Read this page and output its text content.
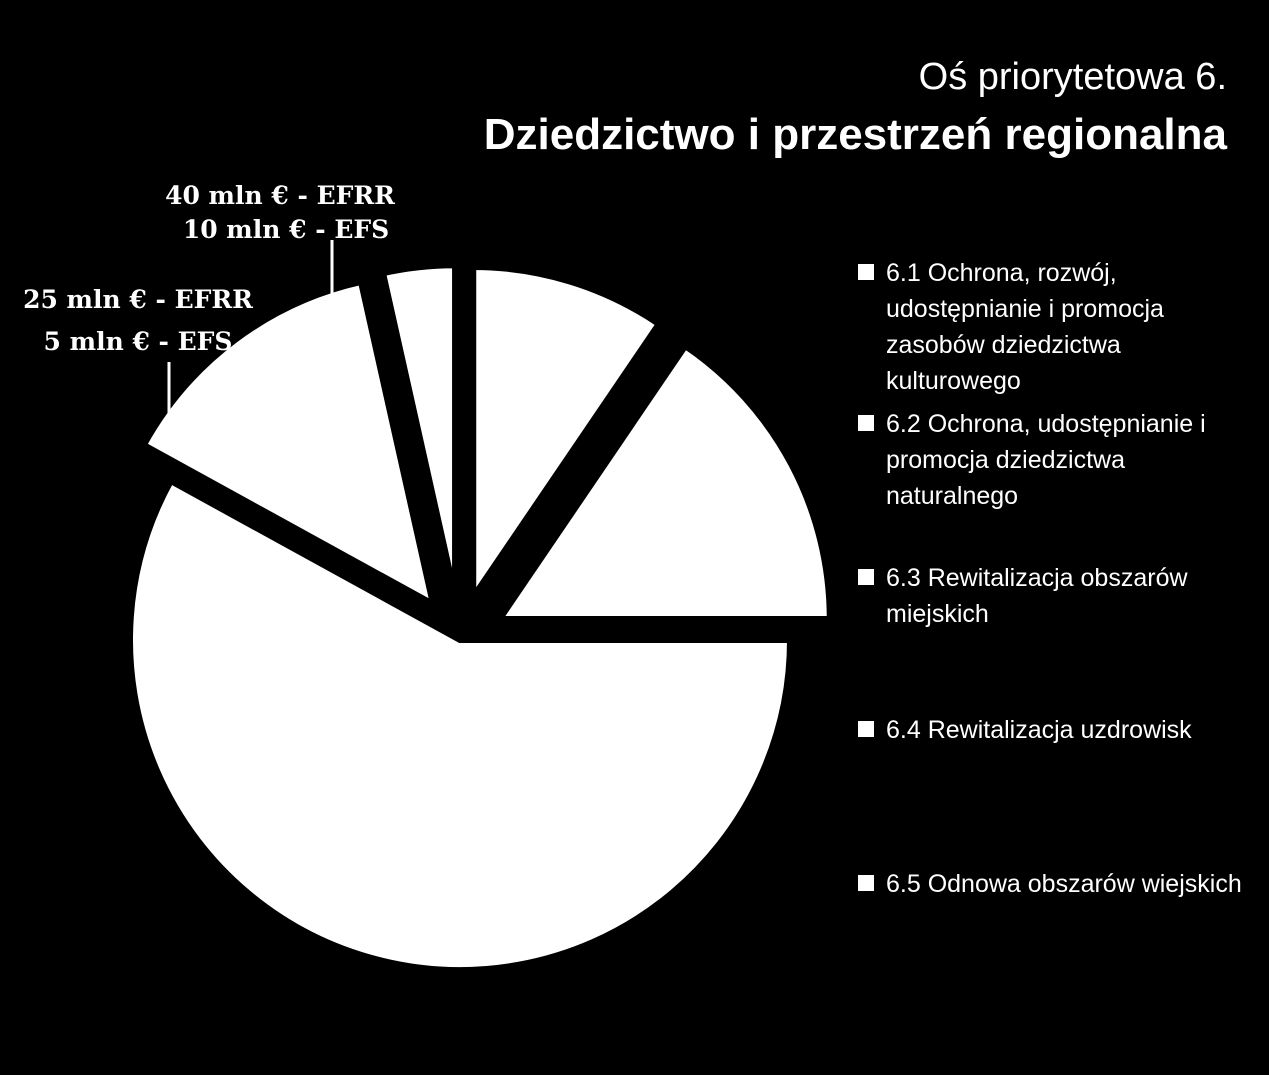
Oś priorytetowa 6.
Dziedzictwo i przestrzeń regionalna
40 mln € - EFRR
10 mln € - EFS
25 mln € - EFRR
5 mln € - EFS
6.1 Ochrona, rozwój, udostępnianie i promocja zasobów dziedzictwa kulturowego
6.2 Ochrona, udostępnianie i promocja dziedzictwa naturalnego
6.3 Rewitalizacja obszarów miejskich
6.4 Rewitalizacja uzdrowisk
6.5 Odnowa obszarów wiejskich
